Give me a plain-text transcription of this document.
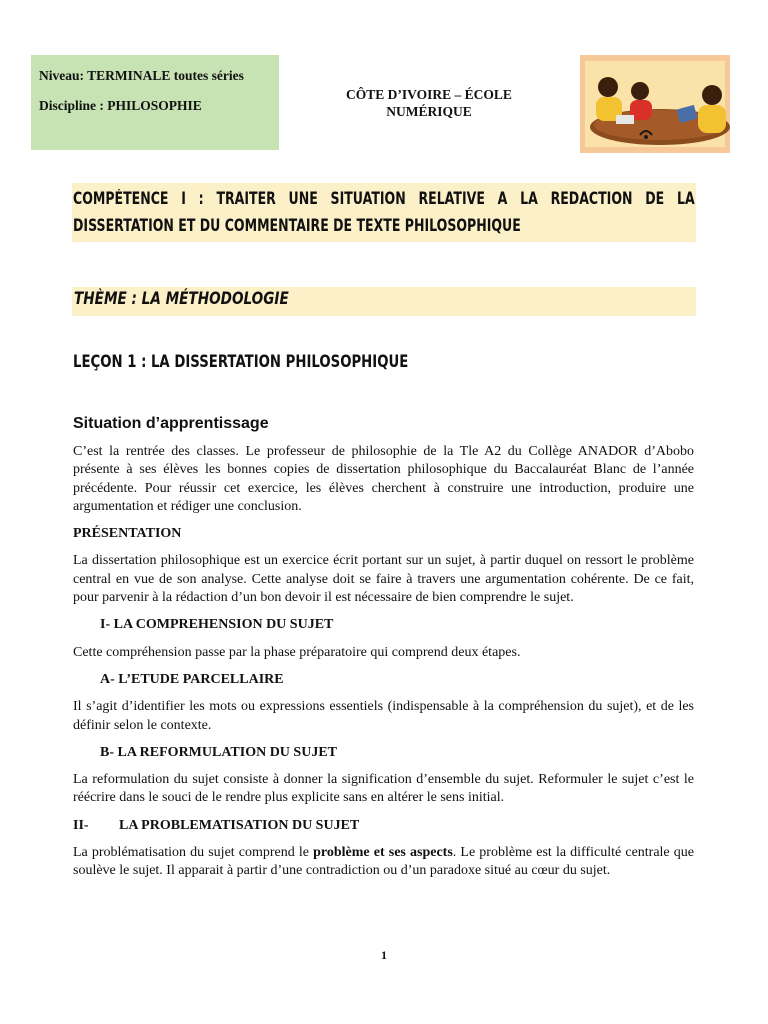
Niveau: TERMINALE toutes séries
Discipline : PHILOSOPHIE
CÔTE D’IVOIRE – ÉCOLE
NUMÉRIQUE
COMPÉTENCE I : TRAITER UNE SITUATION RELATIVE A LA REDACTION DE LA DISSERTATION ET DU COMMENTAIRE DE TEXTE PHILOSOPHIQUE
THÈME : LA MÉTHODOLOGIE
LEÇON 1 : LA DISSERTATION PHILOSOPHIQUE
Situation d’apprentissage

C’est la rentrée des classes. Le professeur de philosophie de la Tle A2 du Collège ANADOR d’Abobo présente à ses élèves les bonnes copies de dissertation philosophique du Baccalauréat Blanc de l’année précédente. Pour réussir cet exercice, les élèves cherchent à construire une introduction, produire une argumentation et rédiger une conclusion.

PRÉSENTATION

La dissertation philosophique est un exercice écrit portant sur un sujet, à partir duquel on ressort le problème central en vue de son analyse. Cette analyse doit se faire à travers une argumentation cohérente. De ce fait, pour parvenir à la rédaction d’un bon devoir il est nécessaire de bien comprendre le sujet.

I- LA COMPREHENSION DU SUJET

Cette compréhension passe par la phase préparatoire qui comprend deux étapes.

A- L’ETUDE PARCELLAIRE

Il s’agit d’identifier les mots ou expressions essentiels (indispensable à la compréhension du sujet), et de les définir selon le contexte.

B- LA REFORMULATION DU SUJET

La reformulation du sujet consiste à donner la signification d’ensemble du sujet. Reformuler le sujet c’est le réécrire dans le souci de le rendre plus explicite sans en altérer le sens initial.

II- LA PROBLEMATISATION DU SUJET

La problématisation du sujet comprend le problème et ses aspects. Le problème est la difficulté centrale que soulève le sujet. Il apparait à partir d’une contradiction ou d’un paradoxe situé au cœur du sujet.

1
